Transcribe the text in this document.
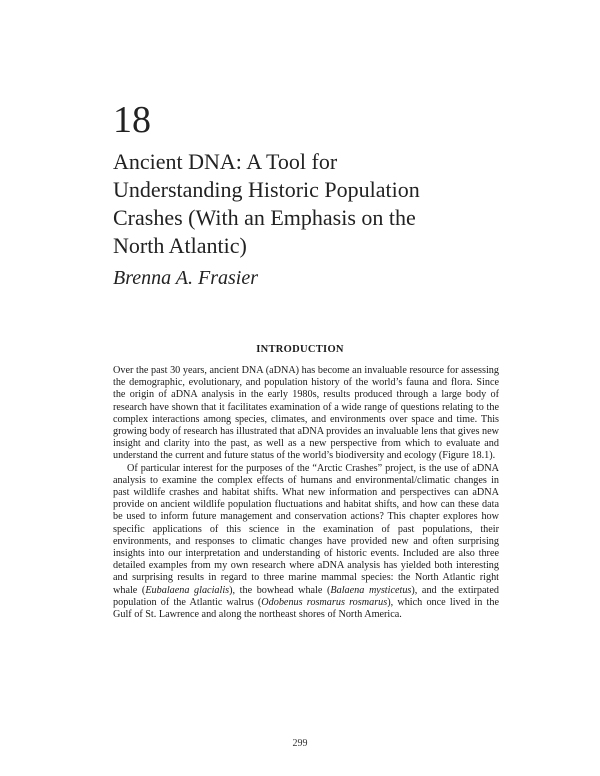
18
Ancient DNA: A Tool for
Understanding Historic Population
Crashes (With an Emphasis on the
North Atlantic)
Brenna A. Frasier
INTRODUCTION

Over the past 30 years, ancient DNA (aDNA) has become an invaluable resource for assessing the demographic, evolutionary, and population history of the world’s fauna and flora. Since the origin of aDNA analysis in the early 1980s, results produced through a large body of research have shown that it facilitates examination of a wide range of questions relating to the complex interactions among species, climates, and environments over space and time. This growing body of research has illustrated that aDNA provides an invaluable lens that gives new insight and clarity into the past, as well as a new perspective from which to evaluate and understand the current and future status of the world’s biodiversity and ecology (Figure 18.1).

Of particular interest for the purposes of the “Arctic Crashes” project, is the use of aDNA analysis to examine the complex effects of humans and environmental/climatic changes in past wildlife crashes and habitat shifts. What new information and perspectives can aDNA provide on ancient wildlife population fluctuations and habitat shifts, and how can these data be used to inform future management and conservation actions? This chapter explores how specific applications of this science in the examination of past populations, their environments, and responses to climatic changes have provided new and often surprising insights into our interpretation and understanding of historic events. Included are also three detailed examples from my own research where aDNA analysis has yielded both interesting and surprising results in regard to three marine mammal species: the North Atlantic right whale (Eubalaena glacialis), the bowhead whale (Balaena mysticetus), and the extirpated population of the Atlantic walrus (Odobenus rosmarus rosmarus), which once lived in the Gulf of St. Lawrence and along the northeast shores of North America.

299
